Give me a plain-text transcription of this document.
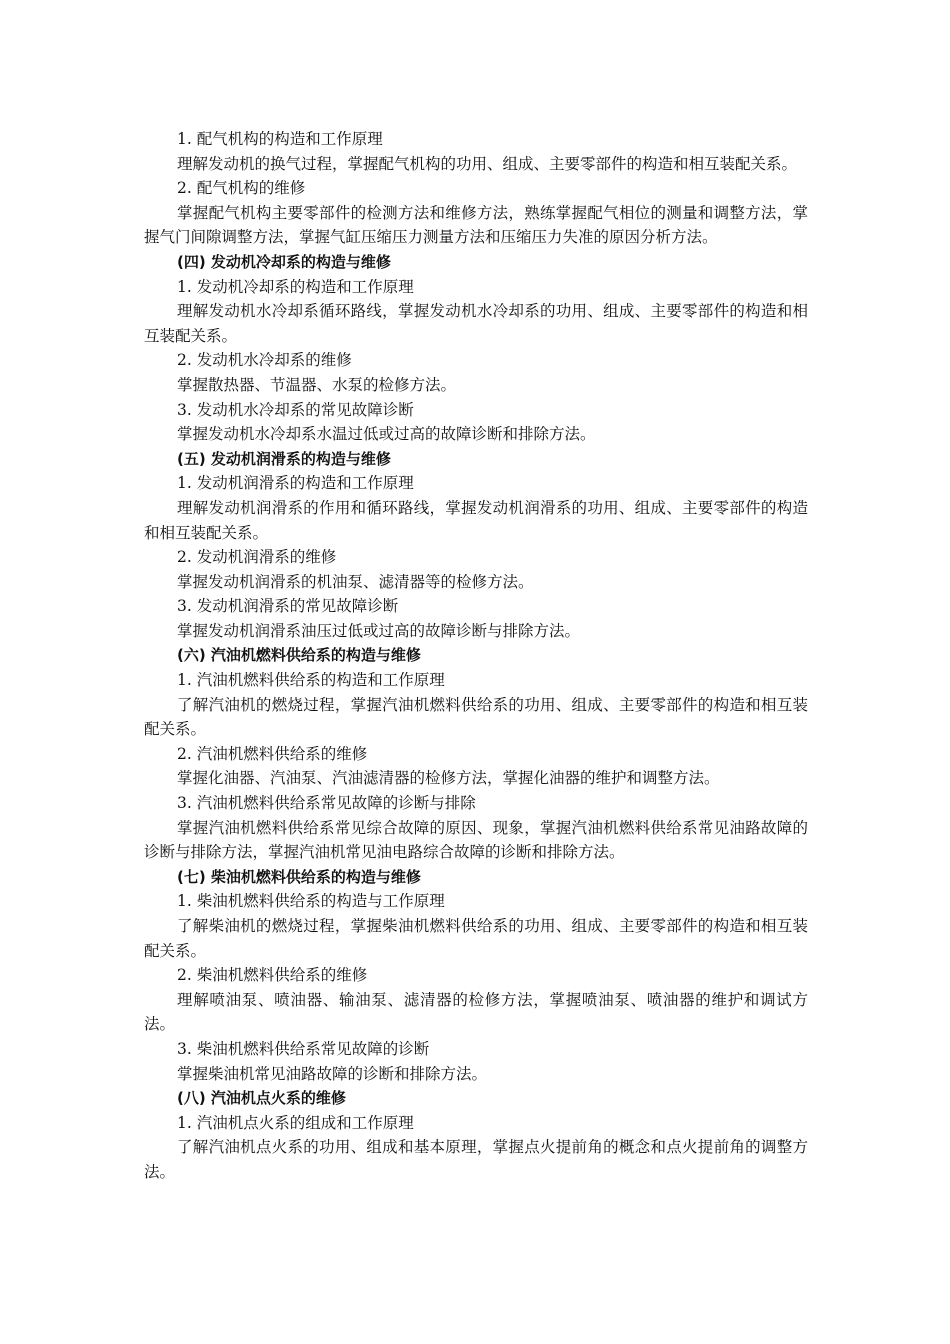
1. 配气机构的构造和工作原理

理解发动机的换气过程，掌握配气机构的功用、组成、主要零部件的构造和相互装配关系。

2. 配气机构的维修

掌握配气机构主要零部件的检测方法和维修方法，熟练掌握配气相位的测量和调整方法，掌握气门间隙调整方法，掌握气缸压缩压力测量方法和压缩压力失准的原因分析方法。

(四) 发动机冷却系的构造与维修

1. 发动机冷却系的构造和工作原理

理解发动机水冷却系循环路线，掌握发动机水冷却系的功用、组成、主要零部件的构造和相互装配关系。

2. 发动机水冷却系的维修

掌握散热器、节温器、水泵的检修方法。

3. 发动机水冷却系的常见故障诊断

掌握发动机水冷却系水温过低或过高的故障诊断和排除方法。

(五) 发动机润滑系的构造与维修

1. 发动机润滑系的构造和工作原理

理解发动机润滑系的作用和循环路线，掌握发动机润滑系的功用、组成、主要零部件的构造和相互装配关系。

2. 发动机润滑系的维修

掌握发动机润滑系的机油泵、滤清器等的检修方法。

3. 发动机润滑系的常见故障诊断

掌握发动机润滑系油压过低或过高的故障诊断与排除方法。

(六) 汽油机燃料供给系的构造与维修

1. 汽油机燃料供给系的构造和工作原理

了解汽油机的燃烧过程，掌握汽油机燃料供给系的功用、组成、主要零部件的构造和相互装配关系。

2. 汽油机燃料供给系的维修

掌握化油器、汽油泵、汽油滤清器的检修方法，掌握化油器的维护和调整方法。

3. 汽油机燃料供给系常见故障的诊断与排除

掌握汽油机燃料供给系常见综合故障的原因、现象，掌握汽油机燃料供给系常见油路故障的诊断与排除方法，掌握汽油机常见油电路综合故障的诊断和排除方法。

(七) 柴油机燃料供给系的构造与维修

1. 柴油机燃料供给系的构造与工作原理

了解柴油机的燃烧过程，掌握柴油机燃料供给系的功用、组成、主要零部件的构造和相互装配关系。

2. 柴油机燃料供给系的维修

理解喷油泵、喷油器、输油泵、滤清器的检修方法，掌握喷油泵、喷油器的维护和调试方法。

3. 柴油机燃料供给系常见故障的诊断

掌握柴油机常见油路故障的诊断和排除方法。

(八) 汽油机点火系的维修

1. 汽油机点火系的组成和工作原理

了解汽油机点火系的功用、组成和基本原理，掌握点火提前角的概念和点火提前角的调整方法。
